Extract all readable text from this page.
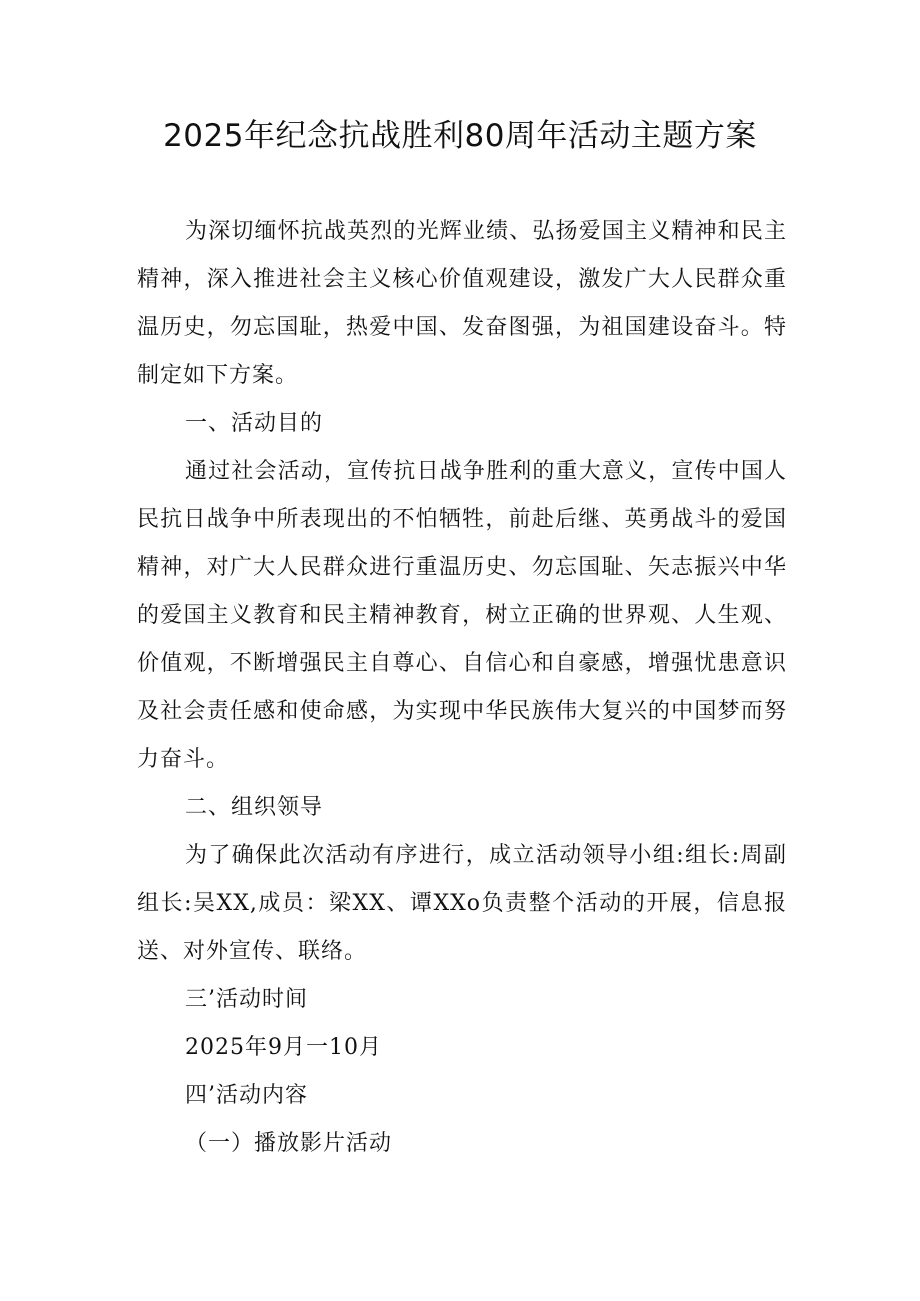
2025年纪念抗战胜利80周年活动主题方案

为深切缅怀抗战英烈的光辉业绩、弘扬爱国主义精神和民主精神，深入推进社会主义核心价值观建设，激发广大人民群众重温历史，勿忘国耻，热爱中国、发奋图强，为祖国建设奋斗。特制定如下方案。

一、活动目的

通过社会活动，宣传抗日战争胜利的重大意义，宣传中国人民抗日战争中所表现出的不怕牺牲，前赴后继、英勇战斗的爱国精神，对广大人民群众进行重温历史、勿忘国耻、矢志振兴中华的爱国主义教育和民主精神教育，树立正确的世界观、人生观、价值观，不断增强民主自尊心、自信心和自豪感，增强忧患意识及社会责任感和使命感，为实现中华民族伟大复兴的中国梦而努力奋斗。

二、组织领导

为了确保此次活动有序进行，成立活动领导小组:组长:周副组长:吴XX,成员：梁XX、谭XXo负责整个活动的开展，信息报送、对外宣传、联络。

三’活动时间

2025年9月一10月

四’活动内容

（一）播放影片活动
